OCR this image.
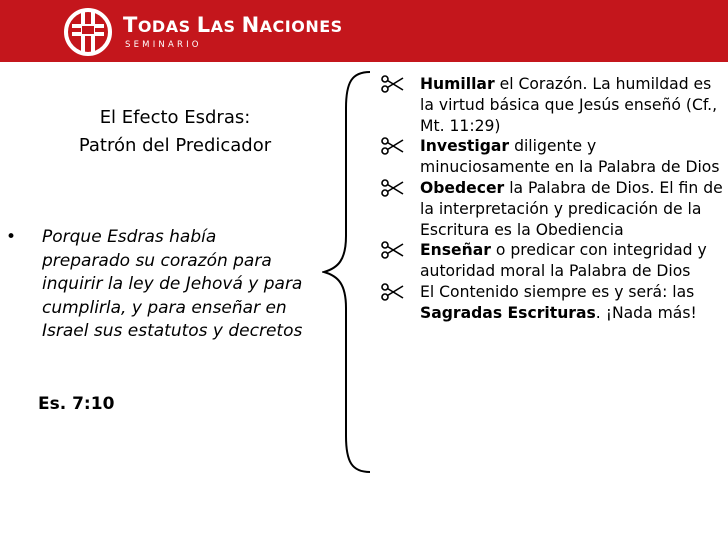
TODAS LAS NACIONES
SEMINARIO
El Efecto Esdras:
Patrón del Predicador
• Porque Esdras había preparado su corazón para inquirir la ley de Jehová y para cumplirla, y para enseñar en Israel sus estatutos y decretos
Es. 7:10
Humillar el Corazón. La humildad es la virtud básica que Jesús enseñó (Cf., Mt. 11:29)
Investigar diligente y minuciosamente en la Palabra de Dios
Obedecer la Palabra de Dios. El fin de la interpretación y predicación de la Escritura es la Obediencia
Enseñar o predicar con integridad y autoridad moral la Palabra de Dios
El Contenido siempre es y será: las Sagradas Escrituras. ¡Nada más!
